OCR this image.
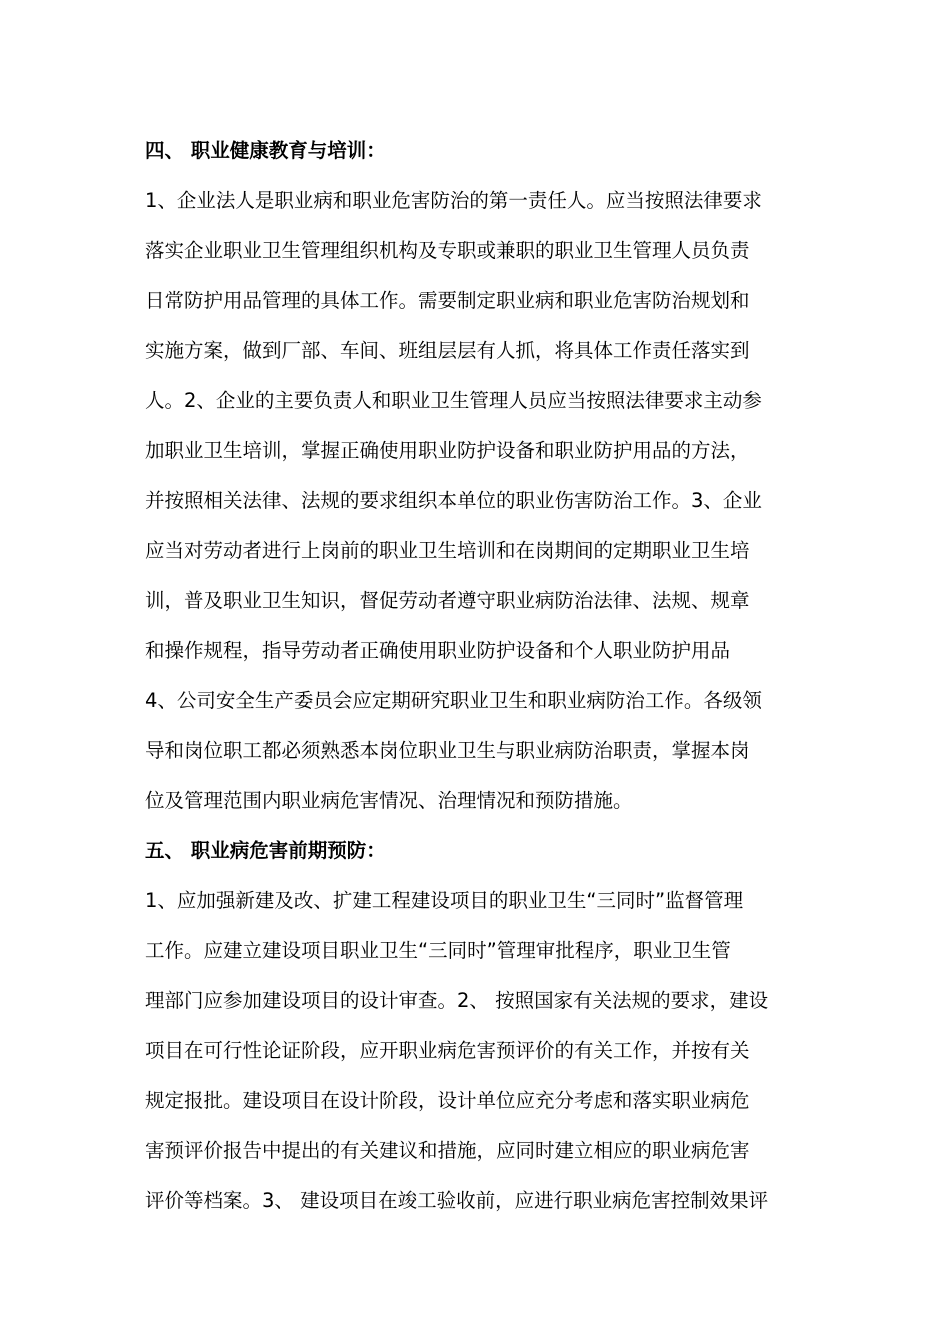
四、 职业健康教育与培训：
1、企业法人是职业病和职业危害防治的第一责任人。应当按照法律要求
落实企业职业卫生管理组织机构及专职或兼职的职业卫生管理人员负责
日常防护用品管理的具体工作。需要制定职业病和职业危害防治规划和
实施方案，做到厂部、车间、班组层层有人抓，将具体工作责任落实到
人。2、企业的主要负责人和职业卫生管理人员应当按照法律要求主动参
加职业卫生培训，掌握正确使用职业防护设备和职业防护用品的方法，
并按照相关法律、法规的要求组织本单位的职业伤害防治工作。3、企业
应当对劳动者进行上岗前的职业卫生培训和在岗期间的定期职业卫生培
训，普及职业卫生知识，督促劳动者遵守职业病防治法律、法规、规章
和操作规程，指导劳动者正确使用职业防护设备和个人职业防护用品
4、公司安全生产委员会应定期研究职业卫生和职业病防治工作。各级领
导和岗位职工都必须熟悉本岗位职业卫生与职业病防治职责，掌握本岗
位及管理范围内职业病危害情况、治理情况和预防措施。
五、 职业病危害前期预防：
1、应加强新建及改、扩建工程建设项目的职业卫生“三同时”监督管理
工作。应建立建设项目职业卫生“三同时”管理审批程序，职业卫生管
理部门应参加建设项目的设计审查。2、 按照国家有关法规的要求，建设
项目在可行性论证阶段，应开职业病危害预评价的有关工作，并按有关
规定报批。建设项目在设计阶段，设计单位应充分考虑和落实职业病危
害预评价报告中提出的有关建议和措施，应同时建立相应的职业病危害
评价等档案。3、 建设项目在竣工验收前，应进行职业病危害控制效果评
